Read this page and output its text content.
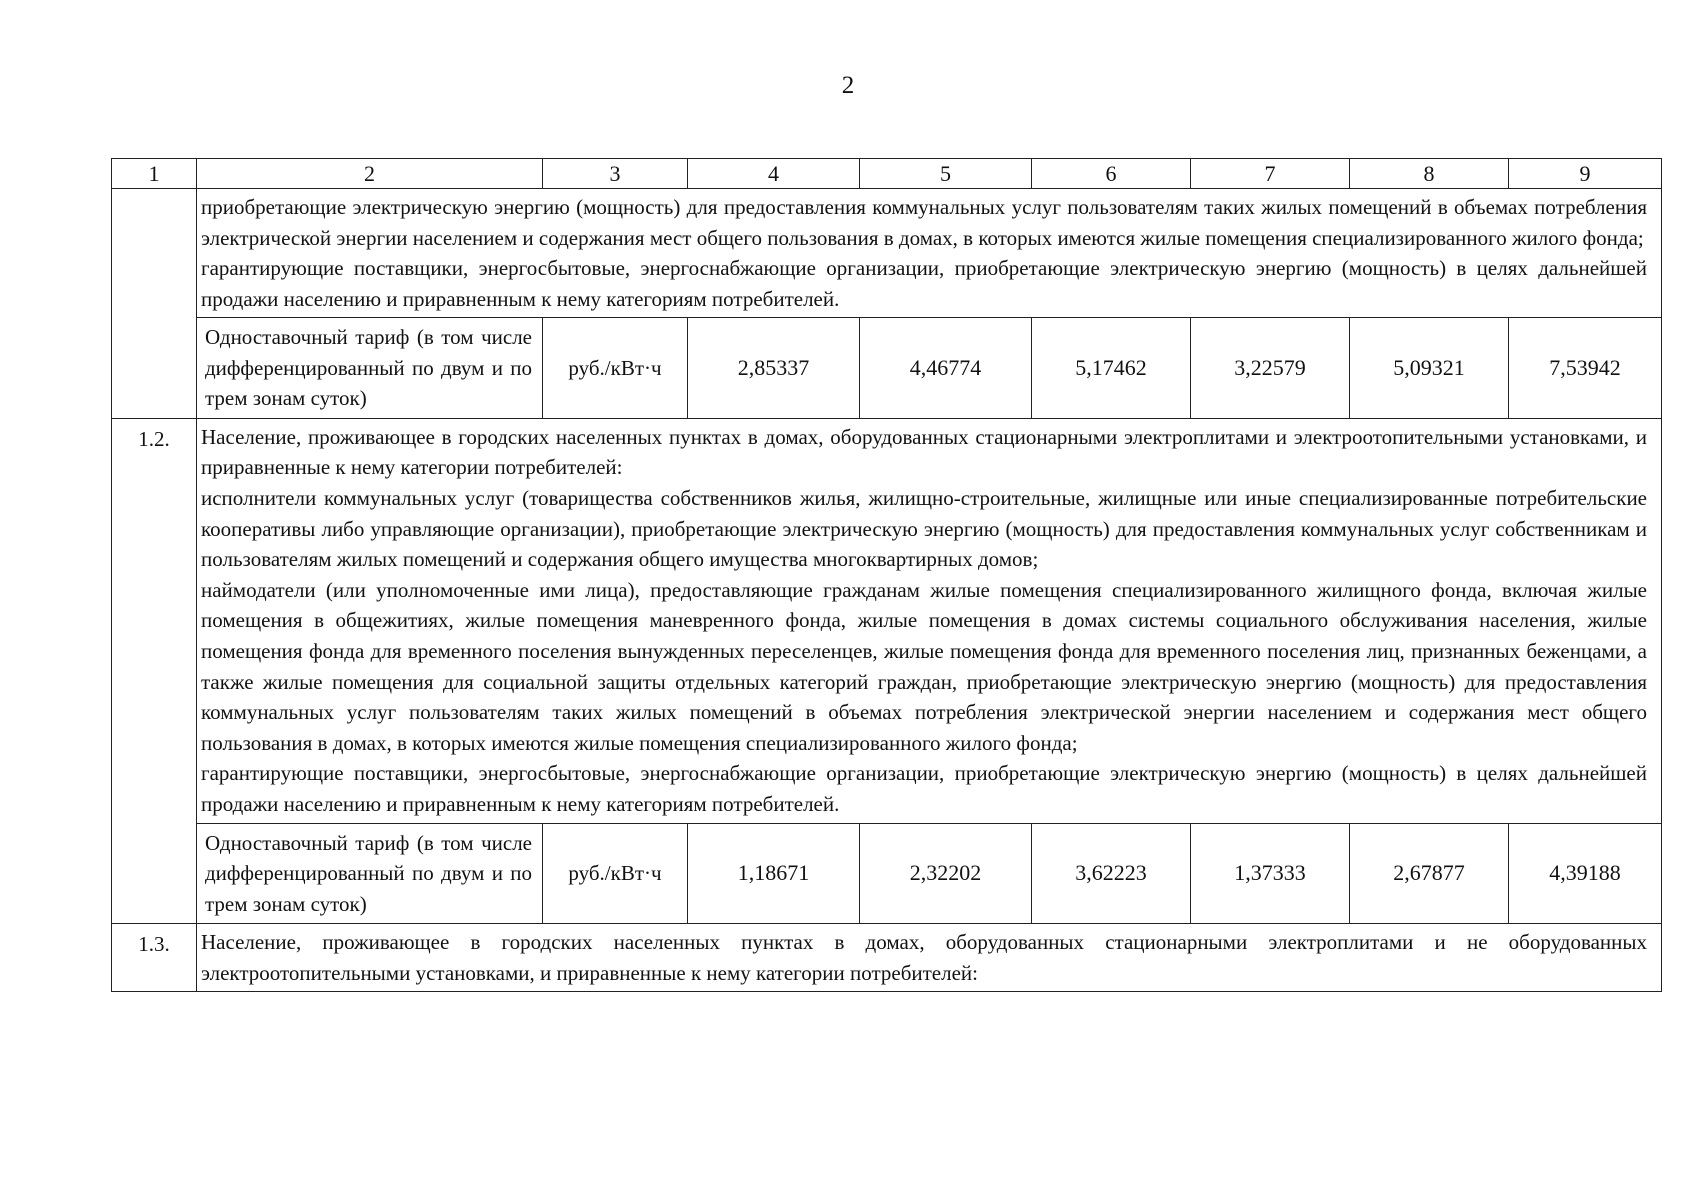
2
1	2	3	4	5	6	7	8	9

	приобретающие электрическую энергию (мощность) для предоставления коммунальных услуг пользователям таких жилых помещений в объемах потребления электрической энергии населением и содержания мест общего пользования в домах, в которых имеются жилые помещения специализированного жилого фонда;

гарантирующие поставщики, энергосбытовые, энергоснабжающие организации, приобретающие электрическую энергию (мощность) в целях дальнейшей продажи населению и приравненным к нему категориям потребителей.							

	Одноставочный тариф (в том числе дифференцированный по двум и по трем зонам суток)	руб./кВт·ч	2,85337	4,46774	5,17462	3,22579	5,09321	7,53942
1.2.	Население, проживающее в городских населенных пунктах в домах, оборудованных стационарными электроплитами и электроотопительными установками, и приравненные к нему категории потребителей:

исполнители коммунальных услуг (товарищества собственников жилья, жилищно-строительные, жилищные или иные специализированные потребительские кооперативы либо управляющие организации), приобретающие электрическую энергию (мощность) для предоставления коммунальных услуг собственникам и пользователям жилых помещений и содержания общего имущества многоквартирных домов;

наймодатели (или уполномоченные ими лица), предоставляющие гражданам жилые помещения специализированного жилищного фонда, включая жилые помещения в общежитиях, жилые помещения маневренного фонда, жилые помещения в домах системы социального обслуживания населения, жилые помещения фонда для временного поселения вынужденных переселенцев, жилые помещения фонда для временного поселения лиц, признанных беженцами, а также жилые помещения для социальной защиты отдельных категорий граждан, приобретающие электрическую энергию (мощность) для предоставления коммунальных услуг пользователям таких жилых помещений в объемах потребления электрической энергии населением и содержания мест общего пользования в домах, в которых имеются жилые помещения специализированного жилого фонда;

гарантирующие поставщики, энергосбытовые, энергоснабжающие организации, приобретающие электрическую энергию (мощность) в целях дальнейшей продажи населению и приравненным к нему категориям потребителей.							

	Одноставочный тариф (в том числе дифференцированный по двум и по трем зонам суток)	руб./кВт·ч	1,18671	2,32202	3,62223	1,37333	2,67877	4,39188
1.3.	Население, проживающее в городских населенных пунктах в домах, оборудованных стационарными электроплитами и не оборудованных электроотопительными установками, и приравненные к нему категории потребителей:							
